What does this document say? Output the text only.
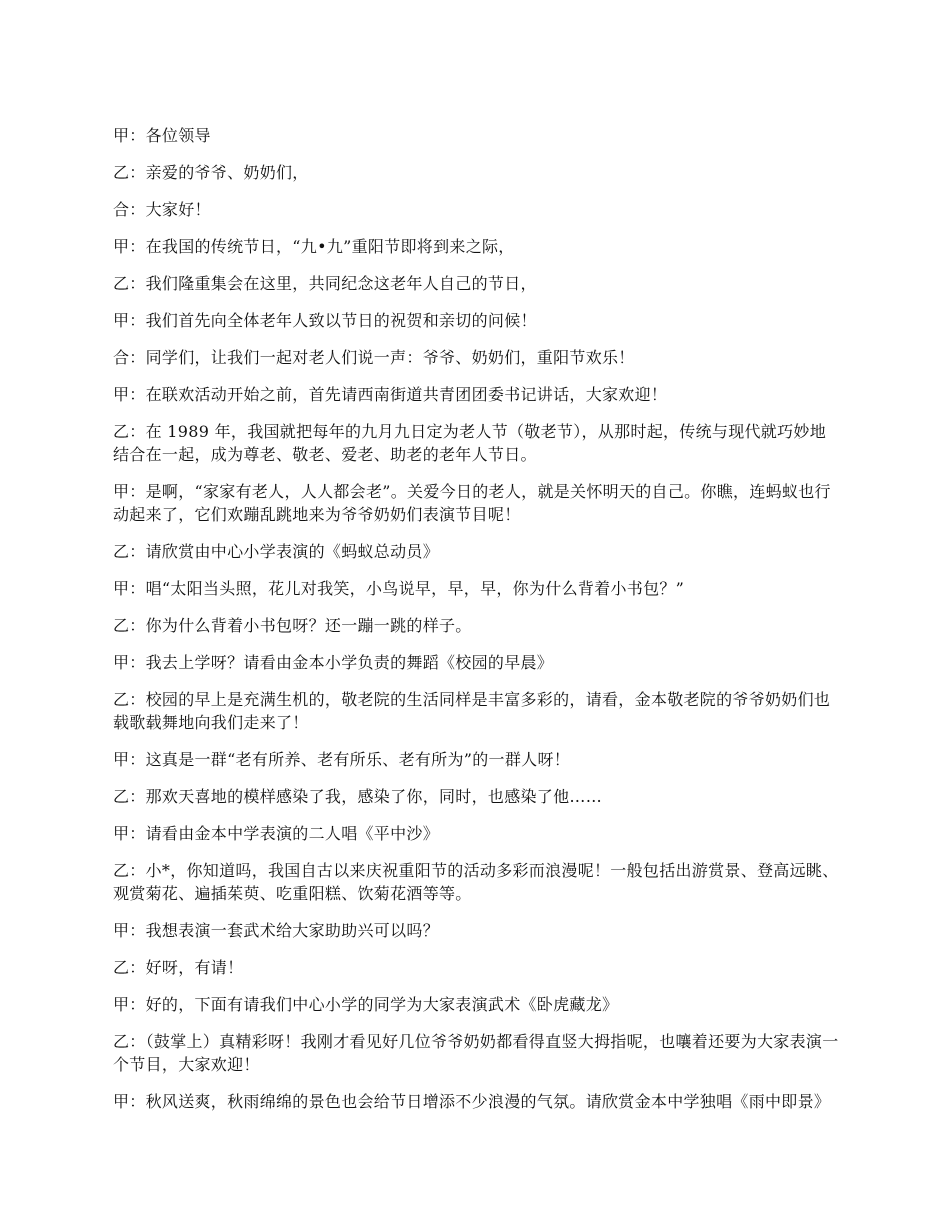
甲：各位领导

乙：亲爱的爷爷、奶奶们，

合：大家好！

甲：在我国的传统节日，“九•九”重阳节即将到来之际，

乙：我们隆重集会在这里，共同纪念这老年人自己的节日，

甲：我们首先向全体老年人致以节日的祝贺和亲切的问候！

合：同学们，让我们一起对老人们说一声：爷爷、奶奶们，重阳节欢乐！

甲：在联欢活动开始之前，首先请西南街道共青团团委书记讲话，大家欢迎！

乙：在 1989 年，我国就把每年的九月九日定为老人节（敬老节），从那时起，传统与现代就巧妙地结合在一起，成为尊老、敬老、爱老、助老的老年人节日。

甲：是啊，“家家有老人，人人都会老”。关爱今日的老人，就是关怀明天的自己。你瞧，连蚂蚁也行动起来了，它们欢蹦乱跳地来为爷爷奶奶们表演节目呢！

乙：请欣赏由中心小学表演的《蚂蚁总动员》

甲：唱“太阳当头照，花儿对我笑，小鸟说早，早，早，你为什么背着小书包？”

乙：你为什么背着小书包呀？还一蹦一跳的样子。

甲：我去上学呀？请看由金本小学负责的舞蹈《校园的早晨》

乙：校园的早上是充满生机的，敬老院的生活同样是丰富多彩的，请看，金本敬老院的爷爷奶奶们也载歌载舞地向我们走来了！

甲：这真是一群“老有所养、老有所乐、老有所为”的一群人呀！

乙：那欢天喜地的模样感染了我，感染了你，同时，也感染了他……

甲：请看由金本中学表演的二人唱《平中沙》

乙：小*，你知道吗，我国自古以来庆祝重阳节的活动多彩而浪漫呢！一般包括出游赏景、登高远眺、观赏菊花、遍插茱萸、吃重阳糕、饮菊花酒等等。

甲：我想表演一套武术给大家助助兴可以吗？

乙：好呀，有请！

甲：好的，下面有请我们中心小学的同学为大家表演武术《卧虎藏龙》

乙：（鼓掌上）真精彩呀！我刚才看见好几位爷爷奶奶都看得直竖大拇指呢，也嚷着还要为大家表演一个节目，大家欢迎！

甲：秋风送爽，秋雨绵绵的景色也会给节日增添不少浪漫的气氛。请欣赏金本中学独唱《雨中即景》
